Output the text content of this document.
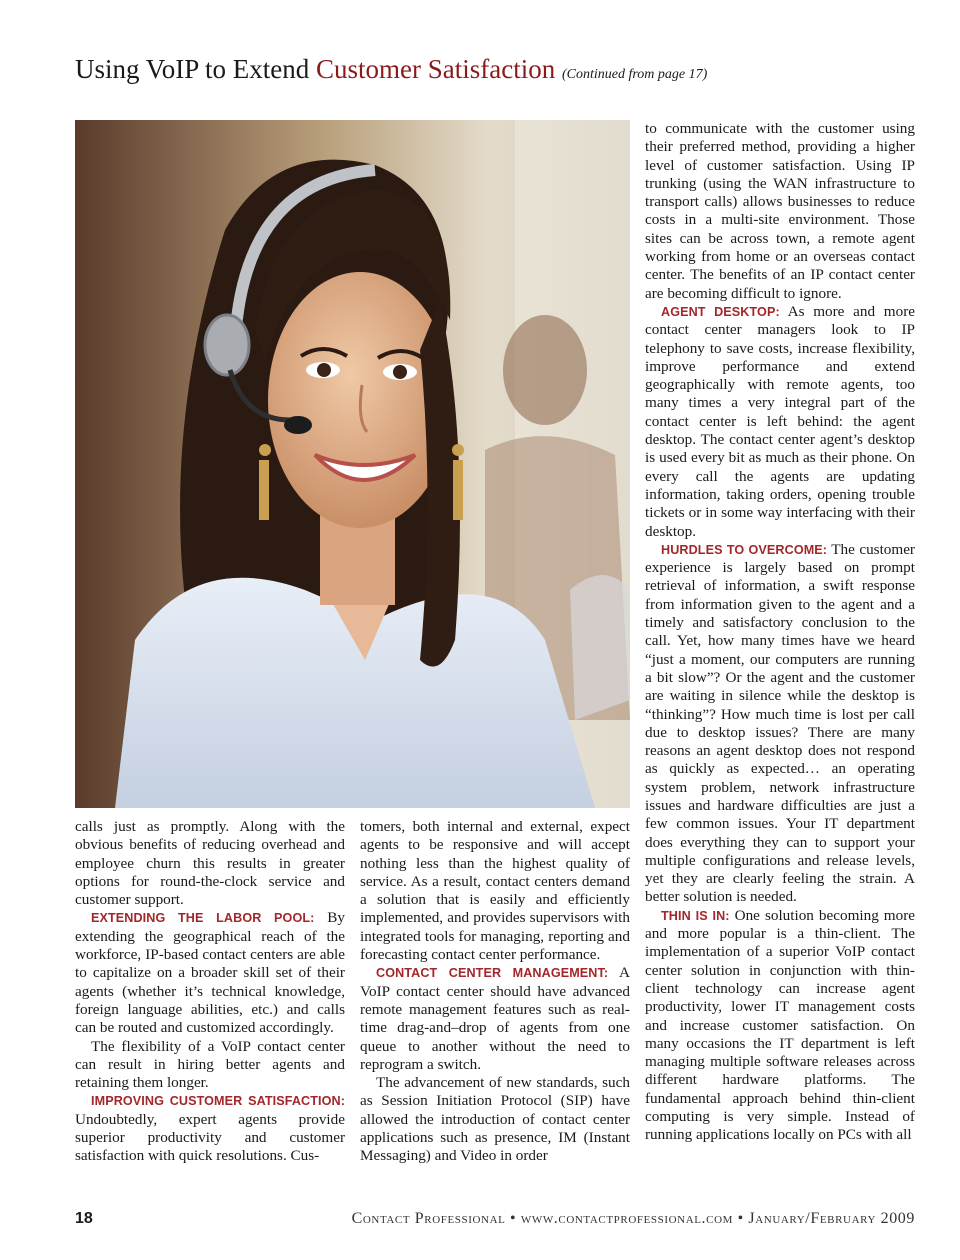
Using VoIP to Extend Customer Satisfaction (Continued from page 17)

calls just as promptly. Along with the obvious benefits of reducing overhead and employee churn this results in greater options for round-the-clock service and customer support.

EXTENDING THE LABOR POOL: By extending the geographical reach of the workforce, IP-based contact centers are able to capitalize on a broader skill set of their agents (whether it’s technical knowledge, foreign language abilities, etc.) and calls can be routed and customized accordingly.

The flexibility of a VoIP contact center can result in hiring better agents and retaining them longer.

IMPROVING CUSTOMER SATISFACTION: Undoubtedly, expert agents provide superior productivity and customer satisfaction with quick resolutions. Cus-

tomers, both internal and external, expect agents to be responsive and will accept nothing less than the highest quality of service. As a result, contact centers demand a solution that is easily and efficiently implemented, and provides supervisors with integrated tools for managing, reporting and forecasting contact center performance.

CONTACT CENTER MANAGEMENT: A VoIP contact center should have advanced remote management features such as real-time drag-and–drop of agents from one queue to another without the need to reprogram a switch.

The advancement of new standards, such as Session Initiation Protocol (SIP) have allowed the introduction of contact center applications such as presence, IM (Instant Messaging) and Video in order

to communicate with the customer using their preferred method, providing a higher level of customer satisfaction. Using IP trunking (using the WAN infrastructure to transport calls) allows businesses to reduce costs in a multi-site environment. Those sites can be across town, a remote agent working from home or an overseas contact center. The benefits of an IP contact center are becoming difficult to ignore.

AGENT DESKTOP: As more and more contact center managers look to IP telephony to save costs, increase flexibility, improve performance and extend geographically with remote agents, too many times a very integral part of the contact center is left behind: the agent desktop. The contact center agent’s desktop is used every bit as much as their phone. On every call the agents are updating information, taking orders, opening trouble tickets or in some way interfacing with their desktop.

HURDLES TO OVERCOME: The customer experience is largely based on prompt retrieval of information, a swift response from information given to the agent and a timely and satisfactory conclusion to the call. Yet, how many times have we heard “just a moment, our computers are running a bit slow”? Or the agent and the customer are waiting in silence while the desktop is “thinking”? How much time is lost per call due to desktop issues? There are many reasons an agent desktop does not respond as quickly as expected… an operating system problem, network infrastructure issues and hardware difficulties are just a few common issues. Your IT department does everything they can to support your multiple configurations and release levels, yet they are clearly feeling the strain. A better solution is needed.

THIN IS IN: One solution becoming more and more popular is a thin-client. The implementation of a superior VoIP contact center solution in conjunction with thin-client technology can increase agent productivity, lower IT management costs and increase customer satisfaction. On many occasions the IT department is left managing multiple software releases across different hardware platforms. The fundamental approach behind thin-client computing is very simple. Instead of running applications locally on PCs with all

18	Contact Professional • www.contactprofessional.com • January/February 2009
